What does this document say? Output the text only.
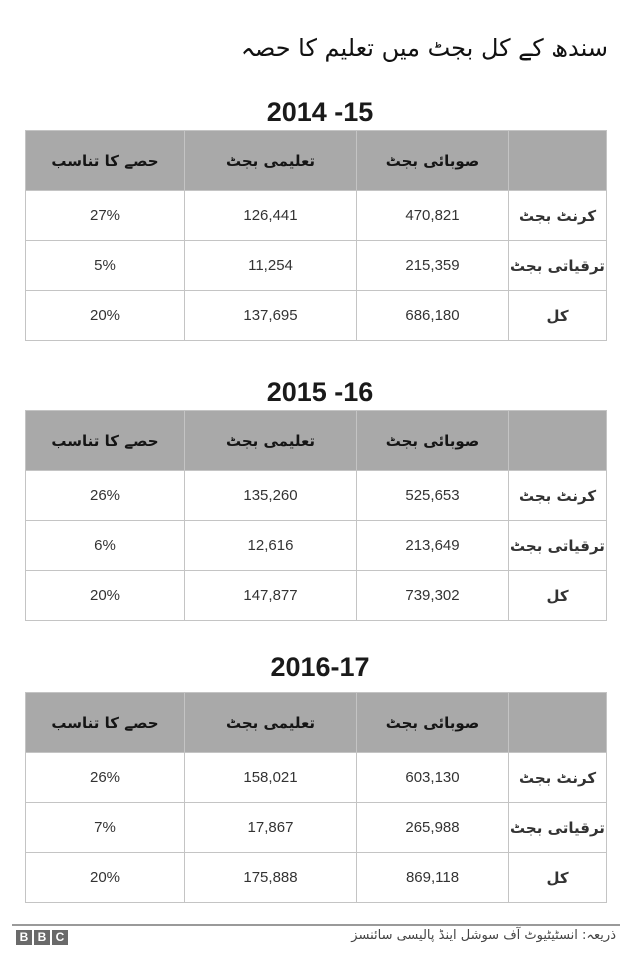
سندھ کے کل بجٹ میں تعلیم کا حصہ
2014 -15
حصے کا تناسب	تعلیمی بجٹ	صوبائی بجٹ	
27%	126,441	470,821	کرنٹ بجٹ
5%	11,254	215,359	ترقیاتی بجٹ
20%	137,695	686,180	کل
2015 -16
حصے کا تناسب	تعلیمی بجٹ	صوبائی بجٹ	
26%	135,260	525,653	کرنٹ بجٹ
6%	12,616	213,649	ترقیاتی بجٹ
20%	147,877	739,302	کل
2016-17
حصے کا تناسب	تعلیمی بجٹ	صوبائی بجٹ	
26%	158,021	603,130	کرنٹ بجٹ
7%	17,867	265,988	ترقیاتی بجٹ
20%	175,888	869,118	کل
B B C	ذریعہ: انسٹیٹیوٹ آف سوشل اینڈ پالیسی سائنسز
